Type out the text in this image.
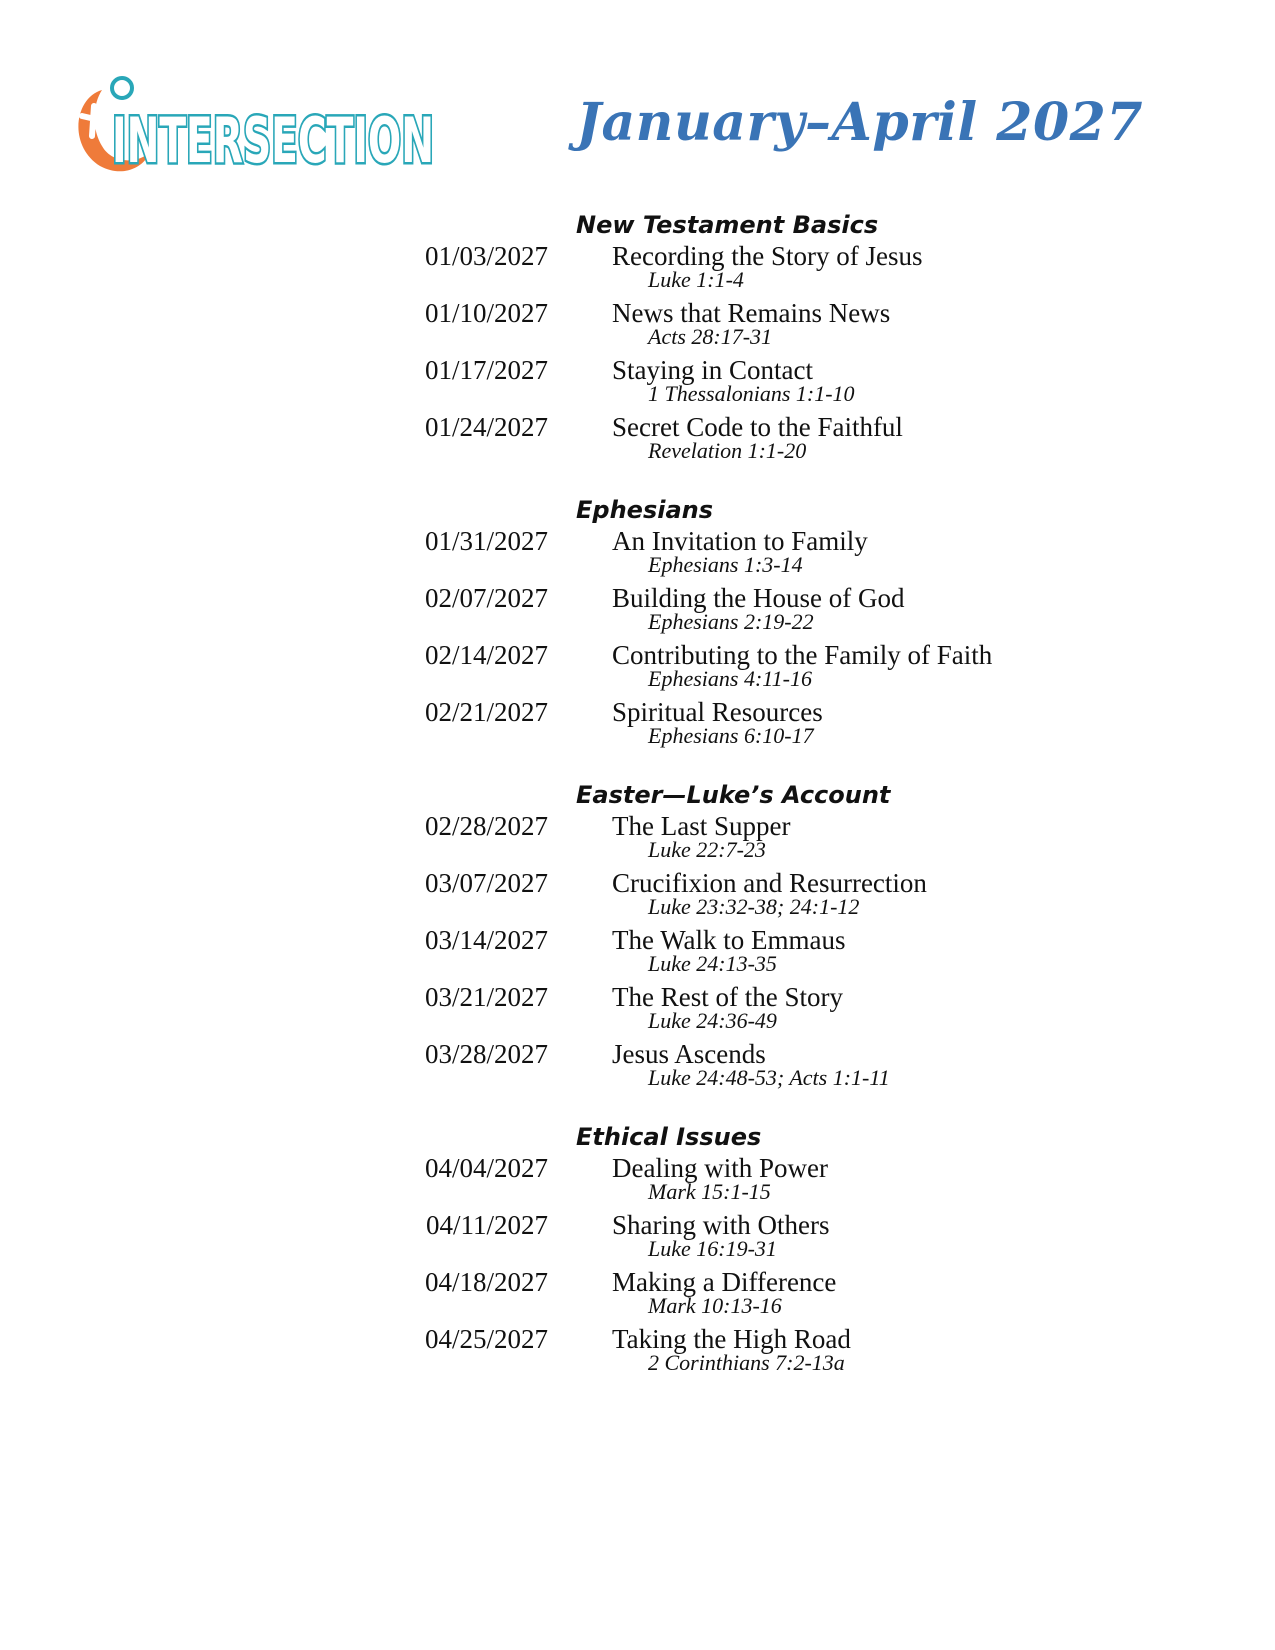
INTERSECTION	January–April 2027
New Testament Basics
01/03/2027 Recording the Story of Jesus
Luke 1:1-4
01/10/2027 News that Remains News
Acts 28:17-31
01/17/2027 Staying in Contact
1 Thessalonians 1:1-10
01/24/2027 Secret Code to the Faithful
Revelation 1:1-20
Ephesians
01/31/2027 An Invitation to Family
Ephesians 1:3-14
02/07/2027 Building the House of God
Ephesians 2:19-22
02/14/2027 Contributing to the Family of Faith
Ephesians 4:11-16
02/21/2027 Spiritual Resources
Ephesians 6:10-17
Easter—Luke’s Account
02/28/2027 The Last Supper
Luke 22:7-23
03/07/2027 Crucifixion and Resurrection
Luke 23:32-38; 24:1-12
03/14/2027 The Walk to Emmaus
Luke 24:13-35
03/21/2027 The Rest of the Story
Luke 24:36-49
03/28/2027 Jesus Ascends
Luke 24:48-53; Acts 1:1-11
Ethical Issues
04/04/2027 Dealing with Power
Mark 15:1-15
04/11/2027 Sharing with Others
Luke 16:19-31
04/18/2027 Making a Difference
Mark 10:13-16
04/25/2027 Taking the High Road
2 Corinthians 7:2-13a
